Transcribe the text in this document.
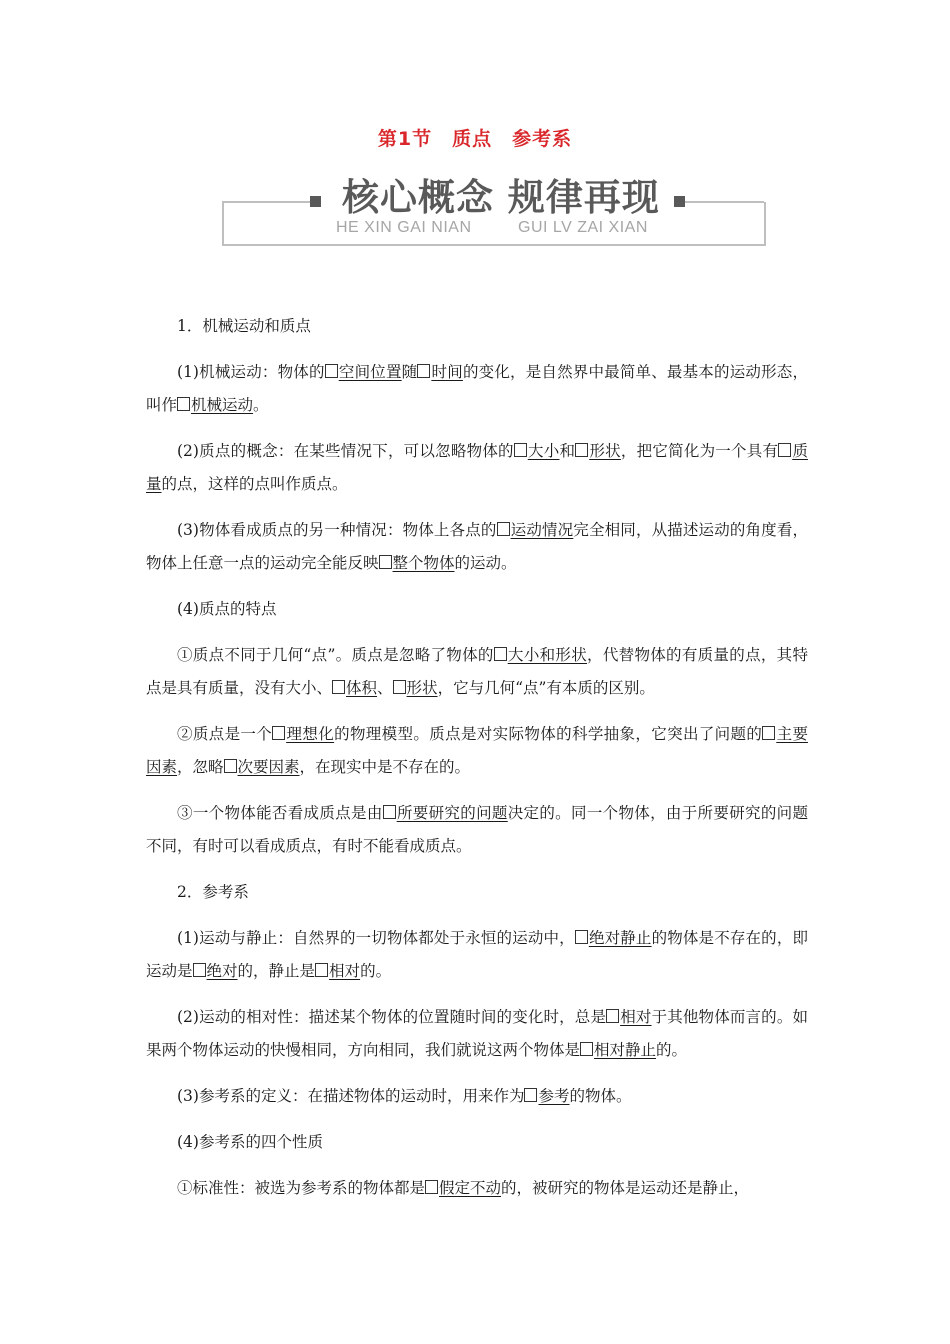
第1节 质点 参考系
核心概念 规律再现
HE XIN GAI NIAN	GUI LV ZAI XIAN

1．机械运动和质点

(1)机械运动：物体的 空间位置随 时间的变化，是自然界中最简单、最基本的运动形态，叫作 机械运动。

(2)质点的概念：在某些情况下，可以忽略物体的 大小和 形状，把它简化为一个具有 质量的点，这样的点叫作质点。

(3)物体看成质点的另一种情况：物体上各点的 运动情况完全相同，从描述运动的角度看，物体上任意一点的运动完全能反映 整个物体的运动。

(4)质点的特点

①质点不同于几何“点”。质点是忽略了物体的 大小和形状，代替物体的有质量的点，其特点是具有质量，没有大小、 体积、 形状，它与几何“点”有本质的区别。

②质点是一个 理想化的物理模型。质点是对实际物体的科学抽象，它突出了问题的 主要因素，忽略 次要因素，在现实中是不存在的。

③一个物体能否看成质点是由 所要研究的问题决定的。同一个物体，由于所要研究的问题不同，有时可以看成质点，有时不能看成质点。

2．参考系

(1)运动与静止：自然界的一切物体都处于永恒的运动中， 绝对静止的物体是不存在的，即运动是 绝对的，静止是 相对的。

(2)运动的相对性：描述某个物体的位置随时间的变化时，总是 相对于其他物体而言的。如果两个物体运动的快慢相同，方向相同，我们就说这两个物体是 相对静止的。

(3)参考系的定义：在描述物体的运动时，用来作为 参考的物体。

(4)参考系的四个性质

①标准性：被选为参考系的物体都是 假定不动的，被研究的物体是运动还是静止，
